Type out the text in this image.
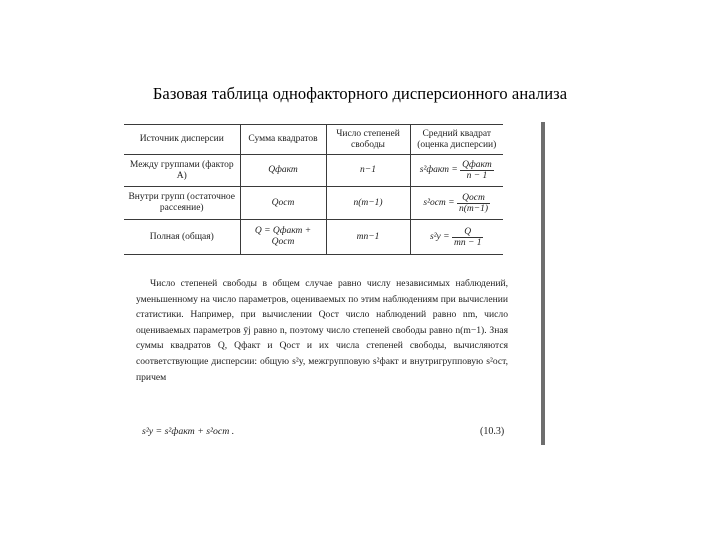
Базовая таблица однофакторного дисперсионного анализа
Источник дисперсии	Сумма квадратов	Число степеней свободы	Средний квадрат (оценка дисперсии)
Между группами (фактор A)	Qфакт	n−1	s²факт = $\frac{\text{Qфакт}}{n - 1}$

Внутри групп (остаточное рассеяние)	Qост	n(m−1)	$s^2ост = \frac{\text{Qост}}{n(m-1)}$

Полная (общая)	Q = Qфакт + Qост	mn−1	$s^2y = \frac{Q}{mn - 1}$
Число степеней свободы в общем случае равно числу независимых наблюдений, уменьшенному на число параметров, оцениваемых по этим наблюдениям при вычислении статистики. Например, при вычислении Qост число наблюдений равно nm, число оцениваемых параметров ȳj равно n, поэтому число степеней свободы равно n(m−1). Зная суммы квадратов Q, Qфакт и Qост и их числа степеней свободы, вычисляются соответствующие дисперсии: общую s²y, межгрупповую s²факт и внутригрупповую s²ост, причем
s²y = s²факт + s²ост .	(10.3)
